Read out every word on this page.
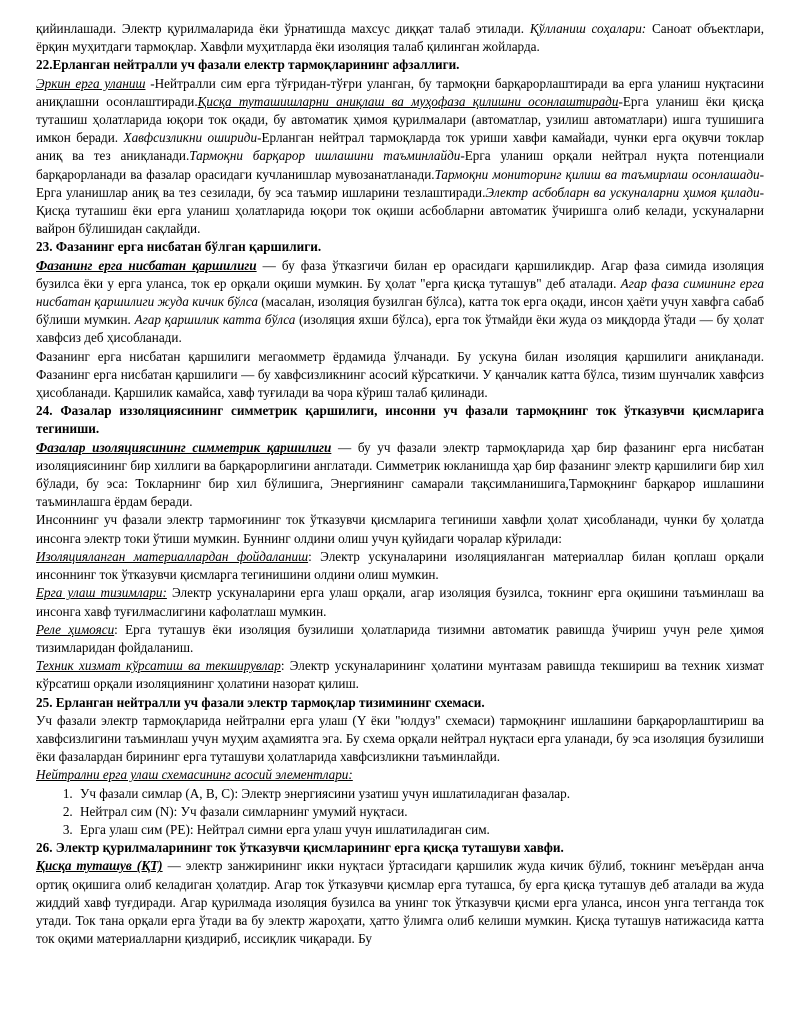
қийинлашади. Электр қурилмаларида ёки ўрнатишда махсус диққат талаб этилади. Қўлланиш соҳалари: Саноат объектлари, ёрқин муҳитдаги тармоқлар. Хавфли муҳитларда ёки изоляция талаб қилинган жойларда.

22.Ерланган нейтралли уч фазали електр тармоқларининг афзаллиги.

Эркин ерга уланиш -Нейтралли сим ерга тўғридан-тўғри уланган, бу тармоқни барқарорлаштиради ва ерга уланиш нуқтасини аниқлашни осонлаштиради.Қисқа туташишларни аниқлаш ва муҳофаза қилишни осонлаштиради-Ерга уланиш ёки қисқа туташиш ҳолатларида юқори ток оқади, бу автоматик ҳимоя қурилмалари (автоматлар, узилиш автоматлари) ишга тушишига имкон беради. Хавфсизликни ошириди-Ерланган нейтрал тармоқларда ток уриши хавфи камайади, чунки ерга оқувчи токлар аниқ ва тез аниқланади.Тармоқни барқарор ишлашини таъминлайди-Ерга уланиш орқали нейтрал нуқта потенциали барқарорланади ва фазалар орасидаги кучланишлар мувозанатланади.Тармоқни мониторинг қилиш ва таъмирлаш осонлашади-Ерга уланишлар аниқ ва тез сезилади, бу эса таъмир ишларини тезлаштиради.Электр асбобларн ва ускуналарни ҳимоя қилади-Қисқа туташиш ёки ерга уланиш ҳолатларида юқори ток оқиши асбобларни автоматик ўчиришга олиб келади, ускуналарни вайрон бўлишидан сақлайди.

23. Фазанинг ерга нисбатан бўлган қаршилиги.

Фазанинг ерга нисбатан қаршилиги — бу фаза ўтказгичи билан ер орасидаги қаршиликдир. Агар фаза симида изоляция бузилса ёки у ерга уланса, ток ер орқали оқиши мумкин. Бу ҳолат "ерга қисқа туташув" деб аталади. Агар фаза симининг ерга нисбатан қаршилиги жуда кичик бўлса (масалан, изоляция бузилган бўлса), катта ток ерга оқади, инсон ҳаёти учун хавфга сабаб бўлиши мумкин. Агар қаршилик катта бўлса (изоляция яхши бўлса), ерга ток ўтмайди ёки жуда оз миқдорда ўтади — бу ҳолат хавфсиз деб ҳисобланади.

Фазанинг ерга нисбатан қаршилиги мегаомметр ёрдамида ўлчанади. Бу ускуна билан изоляция қаршилиги аниқланади. Фазанинг ерга нисбатан қаршилиги — бу хавфсизликнинг асосий кўрсаткичи. У қанчалик катта бўлса, тизим шунчалик хавфсиз ҳисобланади. Қаршилик камайса, хавф туғилади ва чора кўриш талаб қилинади.

24. Фазалар иззоляциясининг симметрик қаршилиги, инсонни уч фазали тармоқнинг ток ўтказувчи қисмларига тегиниши.

Фазалар изоляциясининг симметрик қаршилиги — бу уч фазали электр тармоқларида ҳар бир фазанинг ерга нисбатан изоляциясининг бир хиллиги ва барқарорлигини англатади. Симметрик юкланишда ҳар бир фазанинг электр қаршилиги бир хил бўлади, бу эса: Токларнинг бир хил бўлишига, Энергиянинг самарали тақсимланишига,Тармоқнинг барқарор ишлашини таъминлашга ёрдам беради.

Инсоннинг уч фазали электр тармоғининг ток ўтказувчи қисмларига тегиниши хавфли ҳолат ҳисобланади, чунки бу ҳолатда инсонга электр токи ўтиши мумкин. Буннинг олдини олиш учун қуйидаги чоралар кўрилади:

Изоляцияланган материаллардан фойдаланиш: Электр ускуналарини изоляцияланган материаллар билан қоплаш орқали инсоннинг ток ўтказувчи қисмларга тегинишини олдини олиш мумкин.

Ерга улаш тизимлари: Электр ускуналарини ерга улаш орқали, агар изоляция бузилса, токнинг ерга оқишини таъминлаш ва инсонга хавф туғилмаслигини кафолатлаш мумкин.

Реле ҳимояси: Ерга туташув ёки изоляция бузилиши ҳолатларида тизимни автоматик равишда ўчириш учун реле ҳимоя тизимларидан фойдаланиш.

Техник хизмат кўрсатиш ва текширувлар: Электр ускуналарининг ҳолатини мунтазам равишда текшириш ва техник хизмат кўрсатиш орқали изоляциянинг ҳолатини назорат қилиш.

25. Ерланган нейтралли уч фазали электр тармоқлар тизимининг схемаси.

Уч фазали электр тармоқларида нейтрални ерга улаш (Y ёки "юлдуз" схемаси) тармоқнинг ишлашини барқарорлаштириш ва хавфсизлигини таъминлаш учун муҳим аҳамиятга эга. Бу схема орқали нейтрал нуқтаси ерга уланади, бу эса изоляция бузилиши ёки фазалардан бирининг ерга туташуви ҳолатларида хавфсизликни таъминлайди.

Нейтрални ерга улаш схемасининг асосий элементлари:

1. Уч фазали симлар (A, B, C): Электр энергиясини узатиш учун ишлатиладиган фазалар.
2. Нейтрал сим (N): Уч фазали симларнинг умумий нуқтаси.
3. Ерга улаш сим (PE): Нейтрал симни ерга улаш учун ишлатиладиган сим.

26. Электр қурилмаларининг ток ўтказувчи қисмларининг ерга қисқа туташуви хавфи.

Қисқа туташув (ҚТ) — электр занжирининг икки нуқтаси ўртасидаги қаршилик жуда кичик бўлиб, токнинг меъёрдан анча ортиқ оқишига олиб келадиган ҳолатдир. Агар ток ўтказувчи қисмлар ерга туташса, бу ерга қисқа туташув деб аталади ва жуда жиддий хавф туғдиради. Агар қурилмада изоляция бузилса ва унинг ток ўтказувчи қисми ерга уланса, инсон унга тегганда ток утади. Ток тана орқали ерга ўтади ва бу электр жароҳати, ҳатто ўлимга олиб келиши мумкин. Қисқа туташув натижасида катта ток оқими материалларни қиздириб, иссиқлик чиқаради. Бу
